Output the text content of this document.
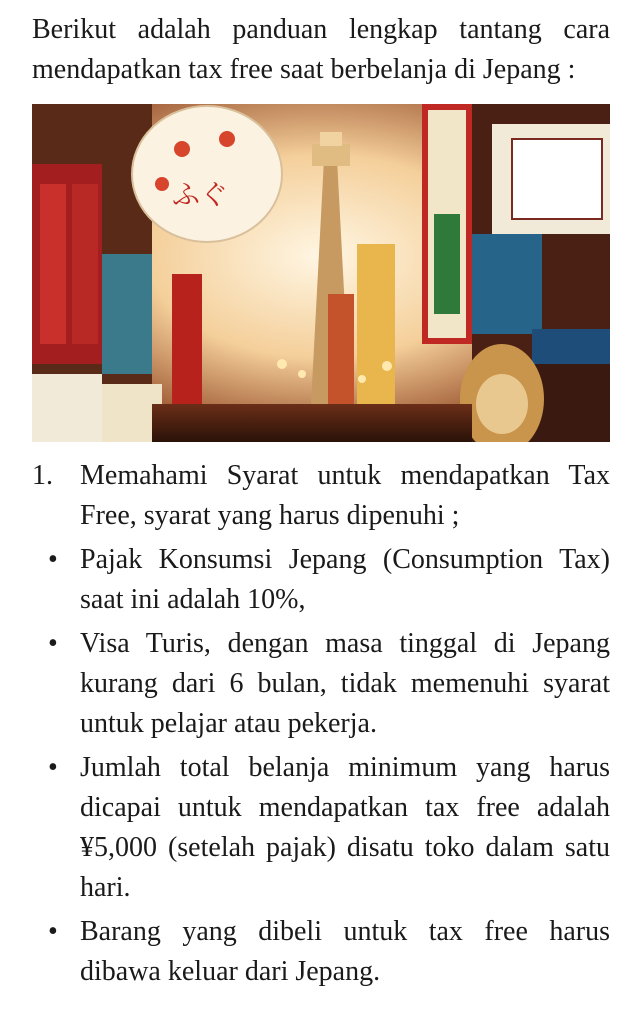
Berikut adalah panduan lengkap tantang cara mendapatkan tax free saat berbelanja di Jepang :

ふぐ
1. Memahami Syarat untuk mendapatkan Tax Free, syarat yang harus dipenuhi ;
• Pajak Konsumsi Jepang (Consumption Tax) saat ini adalah 10%,
• Visa Turis, dengan masa tinggal di Jepang kurang dari 6 bulan, tidak memenuhi syarat untuk pelajar atau pekerja.
• Jumlah total belanja minimum yang harus dicapai untuk mendapatkan tax free adalah ¥5,000 (setelah pajak) disatu toko dalam satu hari.
• Barang yang dibeli untuk tax free harus dibawa keluar dari Jepang.
